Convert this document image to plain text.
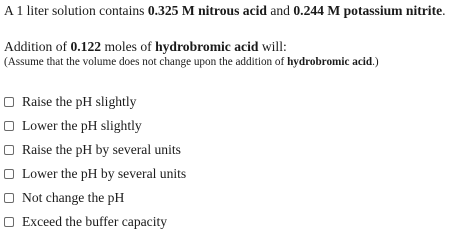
A 1 liter solution contains 0.325 M nitrous acid and 0.244 M potassium nitrite.
Addition of 0.122 moles of hydrobromic acid will:
(Assume that the volume does not change upon the addition of hydrobromic acid.)
Raise the pH slightly
Lower the pH slightly
Raise the pH by several units
Lower the pH by several units
Not change the pH
Exceed the buffer capacity
